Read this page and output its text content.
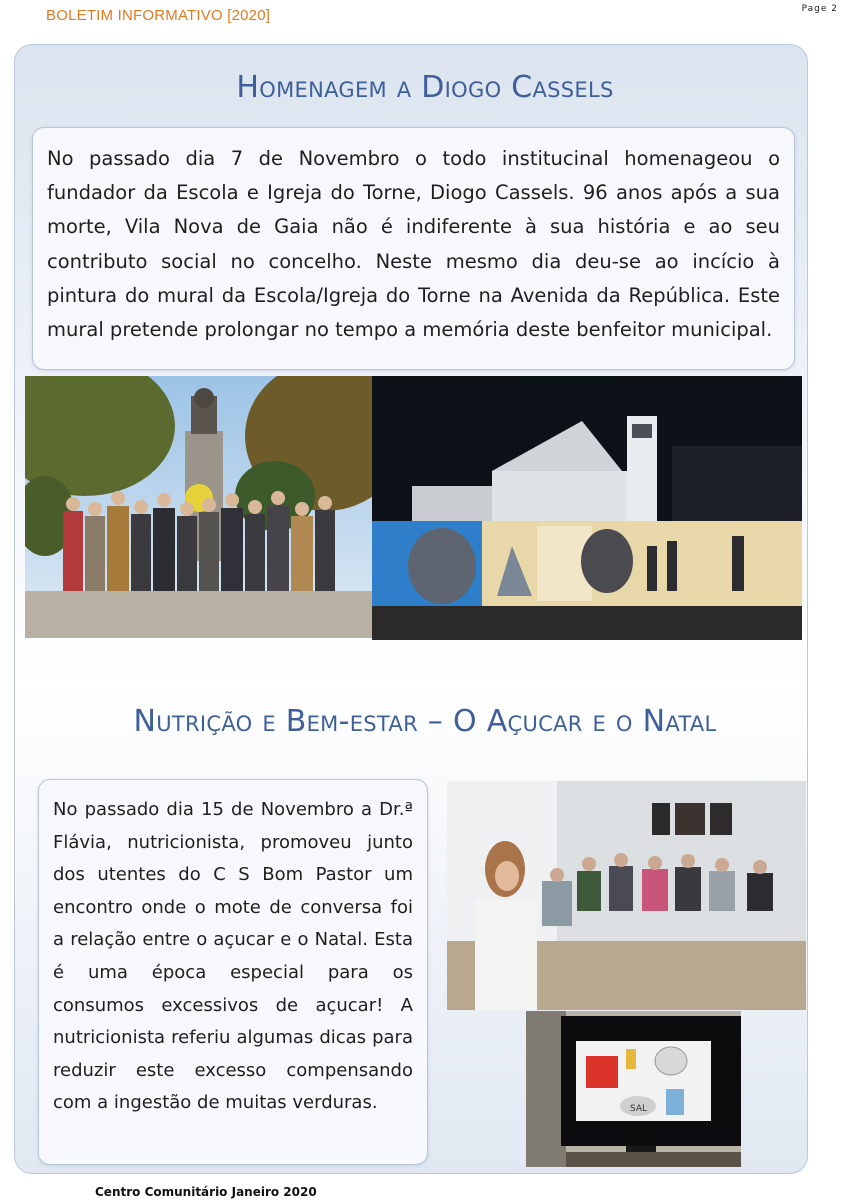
BOLETIM INFORMATIVO [2020]	Page 2
Homenagem a Diogo Cassels

No passado dia 7 de Novembro o todo institucinal homenageou o fundador da Escola e Igreja do Torne, Diogo Cassels. 96 anos após a sua morte, Vila Nova de Gaia não é indiferente à sua história e ao seu contributo social no concelho. Neste mesmo dia deu-se ao incício à pintura do mural da Escola/Igreja do Torne na Avenida da República. Este mural pretende prolongar no tempo a memória deste benfeitor municipal.

Nutrição e Bem-estar – O Açucar e o Natal

No passado dia 15 de Novembro a Dr.ª Flávia, nutricionista, promoveu junto dos utentes do C S Bom Pastor um encontro onde o mote de conversa foi a relação entre o açucar e o Natal. Esta é uma época especial para os consumos excessivos de açucar! A nutricionista referiu algumas dicas para reduzir este excesso compensando com a ingestão de muitas verduras.	SAL
Centro Comunitário Janeiro 2020
